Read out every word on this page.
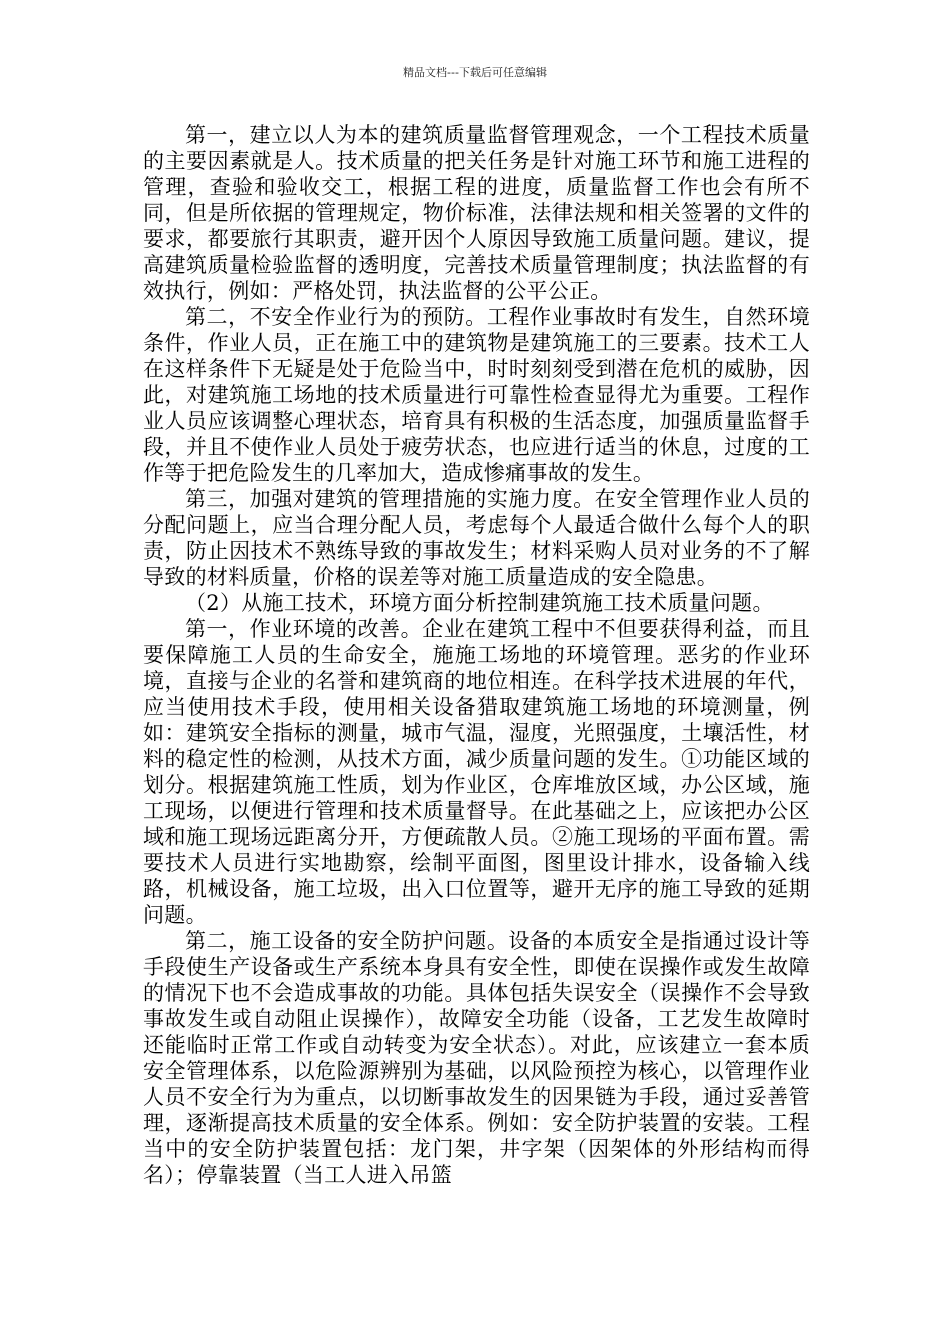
精品文档---下载后可任意编辑

第一，建立以人为本的建筑质量监督管理观念，一个工程技术质量的主要因素就是人。技术质量的把关任务是针对施工环节和施工进程的管理，查验和验收交工，根据工程的进度，质量监督工作也会有所不同，但是所依据的管理规定，物价标准，法律法规和相关签署的文件的要求，都要旅行其职责，避开因个人原因导致施工质量问题。建议，提高建筑质量检验监督的透明度，完善技术质量管理制度；执法监督的有效执行，例如：严格处罚，执法监督的公平公正。

第二，不安全作业行为的预防。工程作业事故时有发生，自然环境条件，作业人员，正在施工中的建筑物是建筑施工的三要素。技术工人在这样条件下无疑是处于危险当中，时时刻刻受到潜在危机的威胁，因此，对建筑施工场地的技术质量进行可靠性检查显得尤为重要。工程作业人员应该调整心理状态，培育具有积极的生活态度，加强质量监督手段，并且不使作业人员处于疲劳状态，也应进行适当的休息，过度的工作等于把危险发生的几率加大，造成惨痛事故的发生。

第三，加强对建筑的管理措施的实施力度。在安全管理作业人员的分配问题上，应当合理分配人员，考虑每个人最适合做什么每个人的职责，防止因技术不熟练导致的事故发生；材料采购人员对业务的不了解导致的材料质量，价格的误差等对施工质量造成的安全隐患。

（2）从施工技术，环境方面分析控制建筑施工技术质量问题。

第一，作业环境的改善。企业在建筑工程中不但要获得利益，而且要保障施工人员的生命安全，施施工场地的环境管理。恶劣的作业环境，直接与企业的名誉和建筑商的地位相连。在科学技术进展的年代，应当使用技术手段，使用相关设备猎取建筑施工场地的环境测量，例如：建筑安全指标的测量，城市气温，湿度，光照强度，土壤活性，材料的稳定性的检测，从技术方面，减少质量问题的发生。①功能区域的划分。根据建筑施工性质，划为作业区，仓库堆放区域，办公区域，施工现场，以便进行管理和技术质量督导。在此基础之上，应该把办公区域和施工现场远距离分开，方便疏散人员。②施工现场的平面布置。需要技术人员进行实地勘察，绘制平面图，图里设计排水，设备输入线路，机械设备，施工垃圾，出入口位置等，避开无序的施工导致的延期问题。

第二，施工设备的安全防护问题。设备的本质安全是指通过设计等手段使生产设备或生产系统本身具有安全性，即使在误操作或发生故障的情况下也不会造成事故的功能。具体包括失误安全（误操作不会导致事故发生或自动阻止误操作），故障安全功能（设备，工艺发生故障时还能临时正常工作或自动转变为安全状态）。对此，应该建立一套本质安全管理体系，以危险源辨别为基础，以风险预控为核心，以管理作业人员不安全行为为重点，以切断事故发生的因果链为手段，通过妥善管理，逐渐提高技术质量的安全体系。例如：安全防护装置的安装。工程当中的安全防护装置包括：龙门架，井字架（因架体的外形结构而得名）；停靠装置（当工人进入吊篮
